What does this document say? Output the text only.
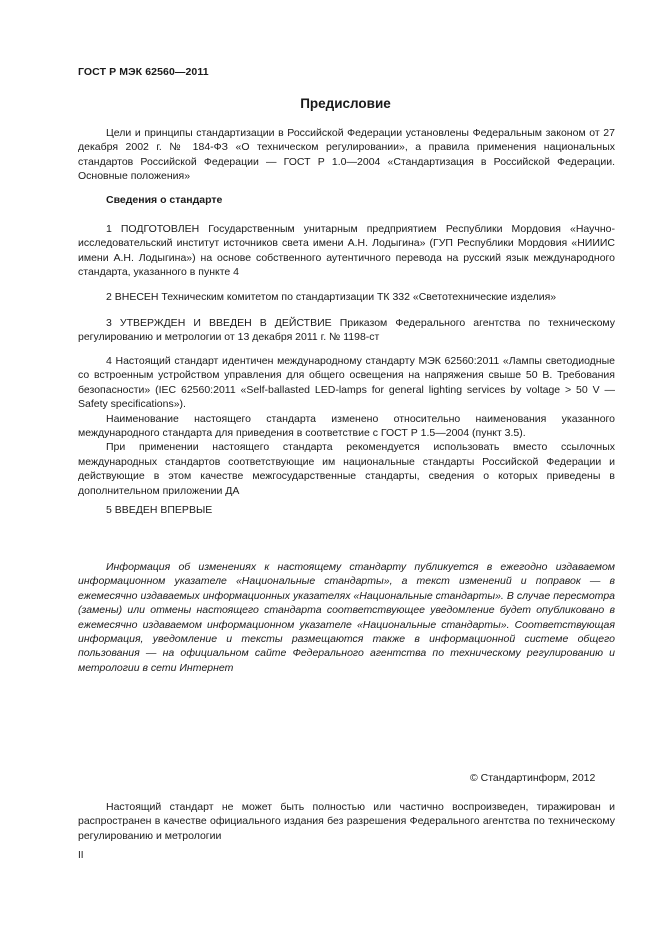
ГОСТ Р МЭК 62560—2011
Предисловие

Цели и принципы стандартизации в Российской Федерации установлены Федеральным законом от 27 декабря 2002 г. № 184-ФЗ «О техническом регулировании», а правила применения национальных стандартов Российской Федерации — ГОСТ Р 1.0—2004 «Стандартизация в Российской Федерации. Основные положения»

Сведения о стандарте

1 ПОДГОТОВЛЕН Государственным унитарным предприятием Республики Мордовия «Научно-исследовательский институт источников света имени А.Н. Лодыгина» (ГУП Республики Мордовия «НИИИС имени А.Н. Лодыгина») на основе собственного аутентичного перевода на русский язык международного стандарта, указанного в пункте 4

2 ВНЕСЕН Техническим комитетом по стандартизации ТК 332 «Светотехнические изделия»

3 УТВЕРЖДЕН И ВВЕДЕН В ДЕЙСТВИЕ Приказом Федерального агентства по техническому регулированию и метрологии от 13 декабря 2011 г. № 1198-ст

4 Настоящий стандарт идентичен международному стандарту МЭК 62560:2011 «Лампы светодиодные со встроенным устройством управления для общего освещения на напряжения свыше 50 В. Требования безопасности» (IEC 62560:2011 «Self-ballasted LED-lamps for general lighting services by voltage > 50 V — Safety specifications»).

Наименование настоящего стандарта изменено относительно наименования указанного международного стандарта для приведения в соответствие с ГОСТ Р 1.5—2004 (пункт 3.5).

При применении настоящего стандарта рекомендуется использовать вместо ссылочных международных стандартов соответствующие им национальные стандарты Российской Федерации и действующие в этом качестве межгосударственные стандарты, сведения о которых приведены в дополнительном приложении ДА

5 ВВЕДЕН ВПЕРВЫЕ

Информация об изменениях к настоящему стандарту публикуется в ежегодно издаваемом информационном указателе «Национальные стандарты», а текст изменений и поправок — в ежемесячно издаваемых информационных указателях «Национальные стандарты». В случае пересмотра (замены) или отмены настоящего стандарта соответствующее уведомление будет опубликовано в ежемесячно издаваемом информационном указателе «Национальные стандарты». Соответствующая информация, уведомление и тексты размещаются также в информационной системе общего пользования — на официальном сайте Федерального агентства по техническому регулированию и метрологии в сети Интернет

© Стандартинформ, 2012

Настоящий стандарт не может быть полностью или частично воспроизведен, тиражирован и распространен в качестве официального издания без разрешения Федерального агентства по техническому регулированию и метрологии

II
